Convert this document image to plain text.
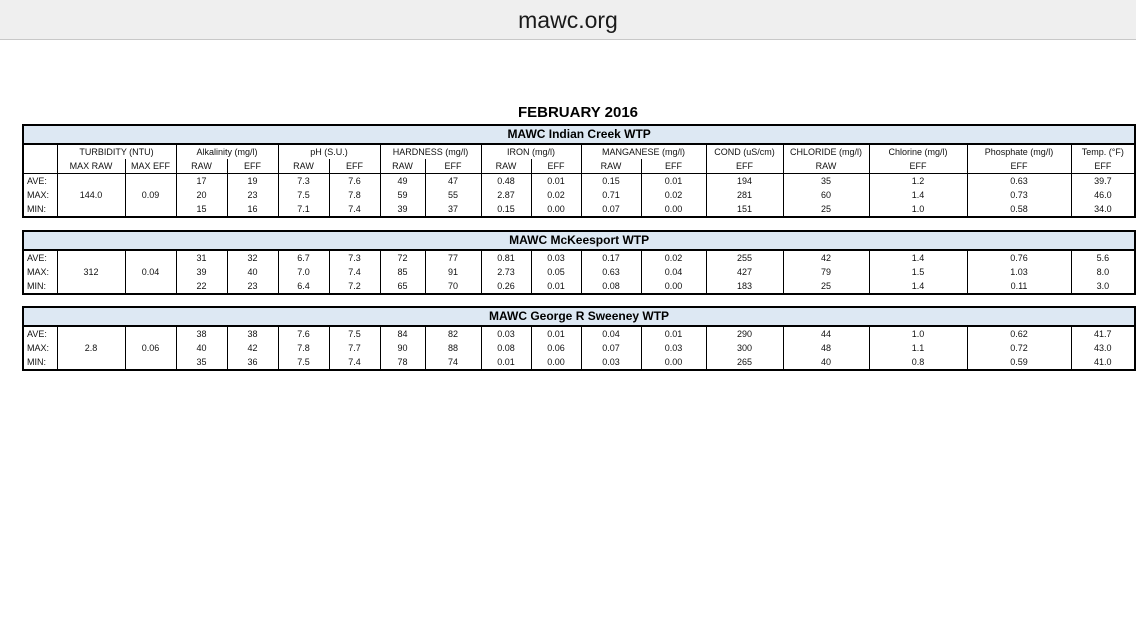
mawc.org
FEBRUARY 2016
MAWC Indian Creek WTP																	
	TURBIDITY (NTU)		Alkalinity (mg/l)		pH (S.U.)		HARDNESS (mg/l)		IRON (mg/l)		MANGANESE (mg/l)		COND (uS/cm)	CHLORIDE (mg/l)	Chlorine (mg/l)	Phosphate (mg/l)	Temp. (°F)
	MAX RAW	MAX EFF	RAW	EFF	RAW	EFF	RAW	EFF	RAW	EFF	RAW	EFF	EFF	RAW	EFF	EFF	EFF
AVE:	144.0	0.09	17	19	7.3	7.6	49	47	0.48	0.01	0.15	0.01	194	35	1.2	0.63	39.7
MAX:			20	23	7.5	7.8	59	55	2.87	0.02	0.71	0.02	281	60	1.4	0.73	46.0
MIN:			15	16	7.1	7.4	39	37	0.15	0.00	0.07	0.00	151	25	1.0	0.58	34.0
MAWC McKeesport WTP																	
AVE:	312	0.04	31	32	6.7	7.3	72	77	0.81	0.03	0.17	0.02	255	42	1.4	0.76	5.6
MAX:			39	40	7.0	7.4	85	91	2.73	0.05	0.63	0.04	427	79	1.5	1.03	8.0
MIN:			22	23	6.4	7.2	65	70	0.26	0.01	0.08	0.00	183	25	1.4	0.11	3.0
MAWC George R Sweeney WTP																	
AVE:	2.8	0.06	38	38	7.6	7.5	84	82	0.03	0.01	0.04	0.01	290	44	1.0	0.62	41.7
MAX:			40	42	7.8	7.7	90	88	0.08	0.06	0.07	0.03	300	48	1.1	0.72	43.0
MIN:			35	36	7.5	7.4	78	74	0.01	0.00	0.03	0.00	265	40	0.8	0.59	41.0
